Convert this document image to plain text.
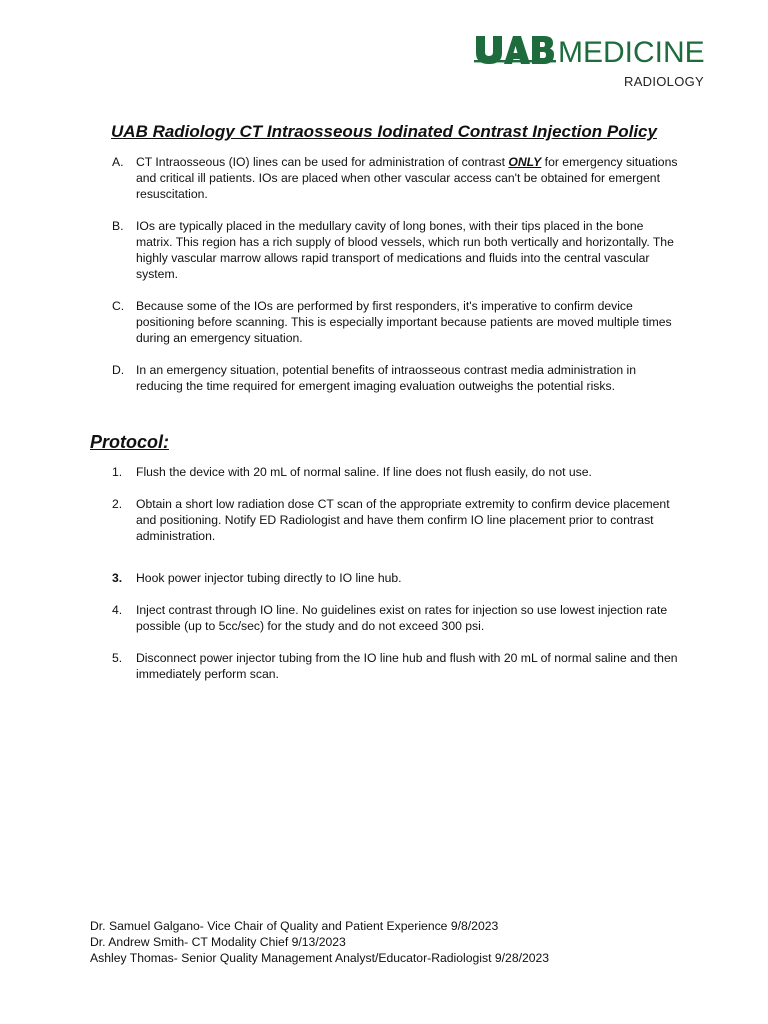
MEDICINE
RADIOLOGY
UAB Radiology CT Intraosseous Iodinated Contrast Injection Policy
A. CT Intraosseous (IO) lines can be used for administration of contrast ONLY for emergency situations and critical ill patients. IOs are placed when other vascular access can't be obtained for emergent resuscitation.
B. IOs are typically placed in the medullary cavity of long bones, with their tips placed in the bone matrix. This region has a rich supply of blood vessels, which run both vertically and horizontally. The highly vascular marrow allows rapid transport of medications and fluids into the central vascular system.
C. Because some of the IOs are performed by first responders, it's imperative to confirm device positioning before scanning. This is especially important because patients are moved multiple times during an emergency situation.
D. In an emergency situation, potential benefits of intraosseous contrast media administration in reducing the time required for emergent imaging evaluation outweighs the potential risks.
Protocol:
1. Flush the device with 20 mL of normal saline. If line does not flush easily, do not use.
2. Obtain a short low radiation dose CT scan of the appropriate extremity to confirm device placement and positioning. Notify ED Radiologist and have them confirm IO line placement prior to contrast administration.
3. Hook power injector tubing directly to IO line hub.
4. Inject contrast through IO line. No guidelines exist on rates for injection so use lowest injection rate possible (up to 5cc/sec) for the study and do not exceed 300 psi.
5. Disconnect power injector tubing from the IO line hub and flush with 20 mL of normal saline and then immediately perform scan.
Dr. Samuel Galgano- Vice Chair of Quality and Patient Experience 9/8/2023
Dr. Andrew Smith- CT Modality Chief 9/13/2023
Ashley Thomas- Senior Quality Management Analyst/Educator-Radiologist 9/28/2023
